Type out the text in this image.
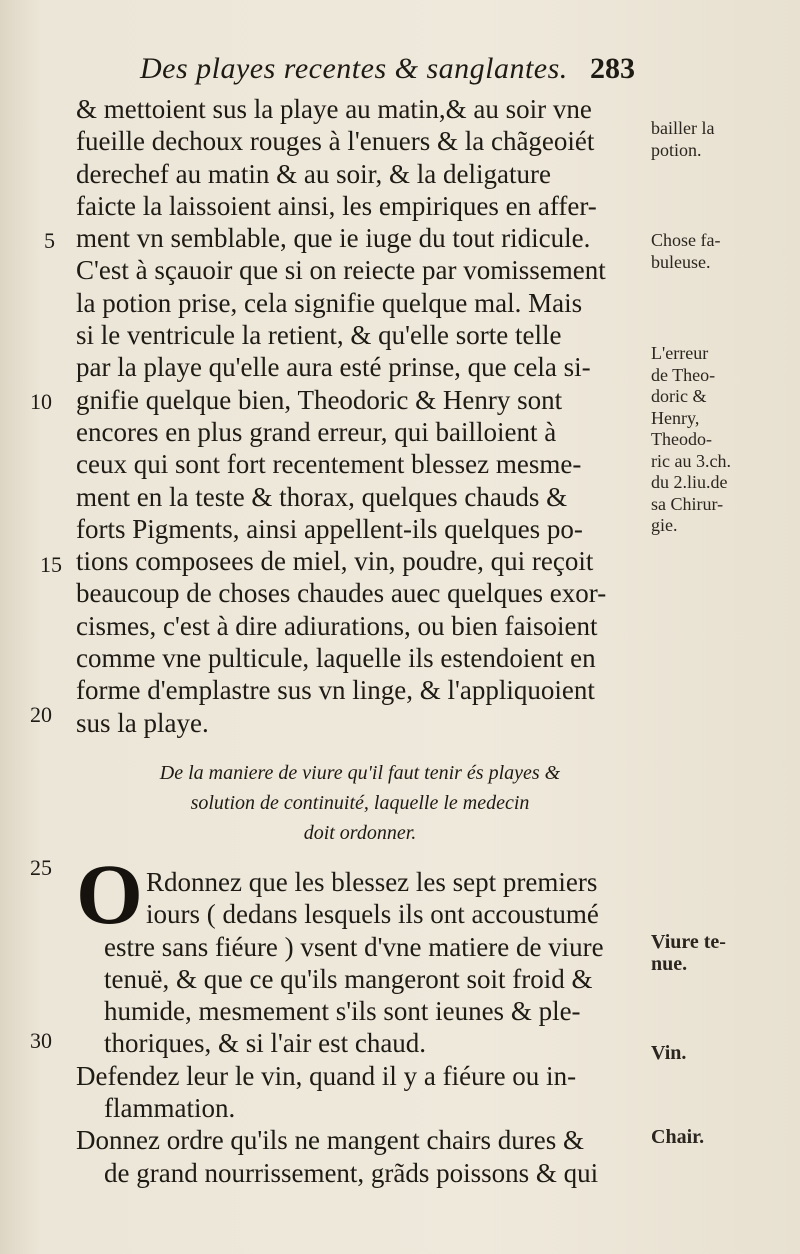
Des playes recentes & sanglantes. 283
& mettoient sus la playe au matin,& au soir vne
fueille dechoux rouges à l'enuers & la chãgeoiét
derechef au matin & au soir, & la deligature
faicte la laissoient ainsi, les empiriques en affer-
ment vn semblable, que ie iuge du tout ridicule.
C'est à sçauoir que si on reiecte par vomissement
la potion prise, cela signifie quelque mal. Mais
si le ventricule la retient, & qu'elle sorte telle
par la playe qu'elle aura esté prinse, que cela si-
gnifie quelque bien, Theodoric & Henry sont
encores en plus grand erreur, qui bailloient à
ceux qui sont fort recentement blessez mesme-
ment en la teste & thorax, quelques chauds &
forts Pigments, ainsi appellent-ils quelques po-
tions composees de miel, vin, poudre, qui reçoit
beaucoup de choses chaudes auec quelques exor-
cismes, c'est à dire adiurations, ou bien faisoient
comme vne pulticule, laquelle ils estendoient en
forme d'emplastre sus vn linge, & l'appliquoient
sus la playe.
5
10
15
20
25
30
bailler la
potion.
Chose fa-
buleuse.
L'erreur
de Theo-
doric &
Henry,
Theodo-
ric au 3.ch.
du 2.liu.de
sa Chirur-
gie.
Viure te-
nue.
Vin.
Chair.
De la maniere de viure qu'il faut tenir és playes &
solution de continuité, laquelle le medecin
doit ordonner.
O Rdonnez que les blessez les sept premiers
iours ( dedans lesquels ils ont accoustumé
estre sans fiéure ) vsent d'vne matiere de viure
tenuë, & que ce qu'ils mangeront soit froid &
humide, mesmement s'ils sont ieunes & ple-
thoriques, & si l'air est chaud.
Defendez leur le vin, quand il y a fiéure ou in-
flammation.
Donnez ordre qu'ils ne mangent chairs dures &
de grand nourrissement, grãds poissons & qui
